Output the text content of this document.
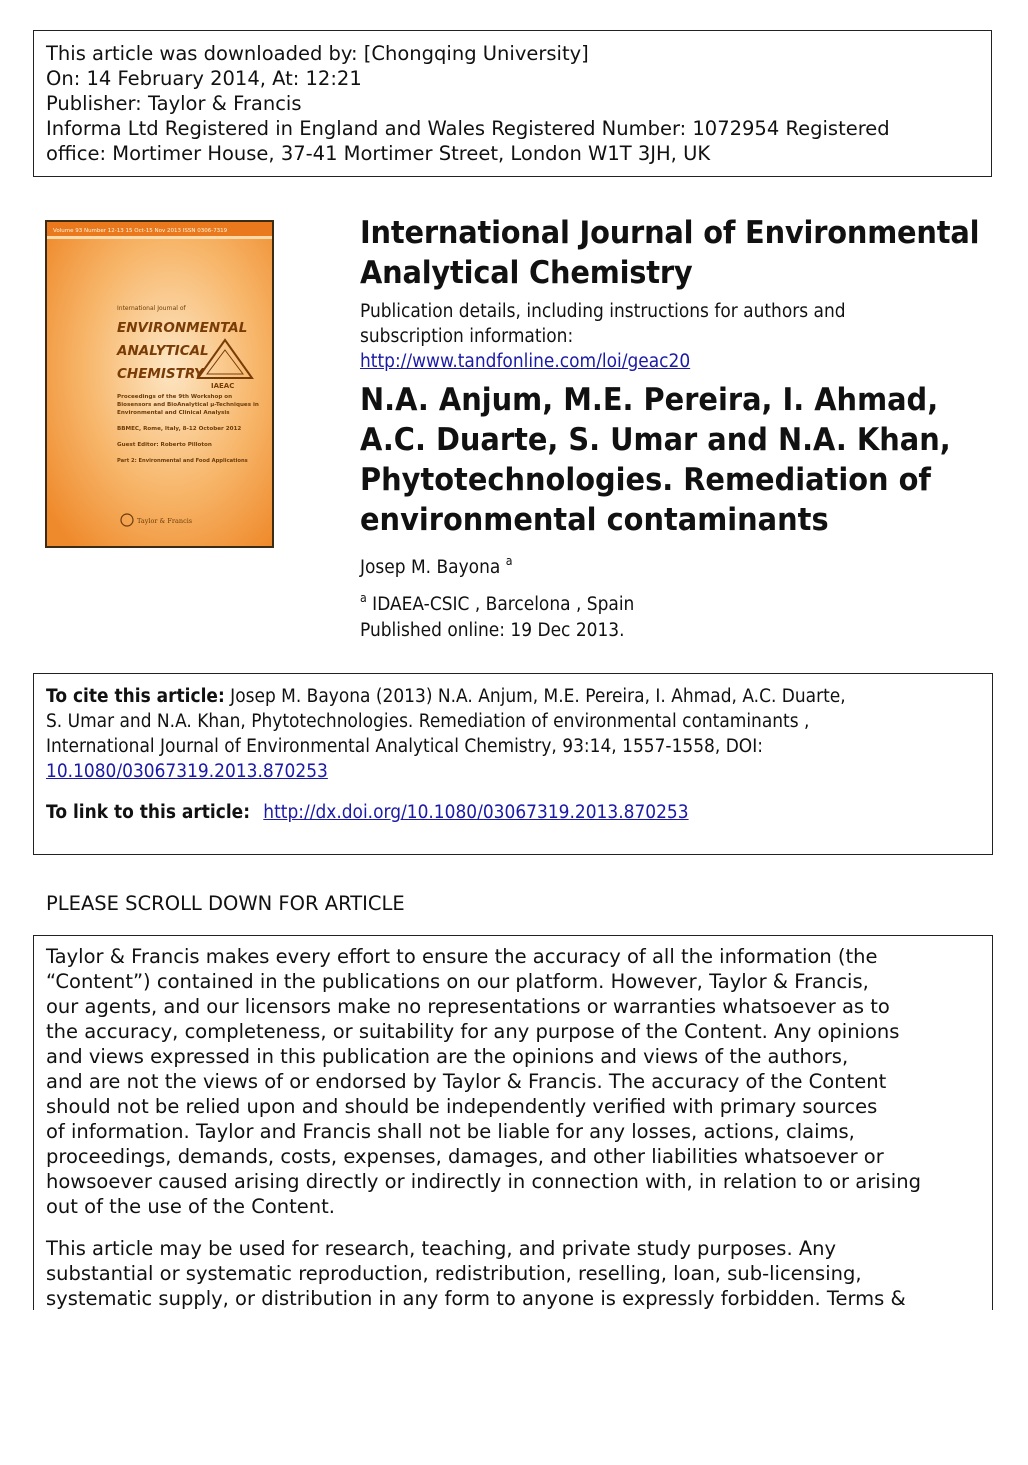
This article was downloaded by: [Chongqing University]
On: 14 February 2014, At: 12:21
Publisher: Taylor & Francis
Informa Ltd Registered in England and Wales Registered Number: 1072954 Registered
office: Mortimer House, 37-41 Mortimer Street, London W1T 3JH, UK
Volume 93 Number 12-13 15 Oct-15 Nov 2013 ISSN 0306-7319
International Journal of
ENVIRONMENTAL
ANALYTICAL
CHEMISTRY
IAEAC
Proceedings of the 9th Workshop on
Biosensors and BioAnalytical µ-Techniques in
Environmental and Clinical Analysis
BBMEC, Rome, Italy, 8-12 October 2012
Guest Editor: Roberto Pilloton
Part 2: Environmental and Food Applications
Taylor & Francis
International Journal of Environmental
Analytical Chemistry
Publication details, including instructions for authors and
subscription information:
http://www.tandfonline.com/loi/geac20
N.A. Anjum, M.E. Pereira, I. Ahmad,
A.C. Duarte, S. Umar and N.A. Khan,
Phytotechnologies. Remediation of
environmental contaminants
Josep M. Bayona $^a$
$^a$ IDAEA-CSIC , Barcelona , Spain
Published online: 19 Dec 2013.
To cite this article: Josep M. Bayona (2013) N.A. Anjum, M.E. Pereira, I. Ahmad, A.C. Duarte,
S. Umar and N.A. Khan, Phytotechnologies. Remediation of environmental contaminants ,
International Journal of Environmental Analytical Chemistry, 93:14, 1557-1558, DOI:
10.1080/03067319.2013.870253
To link to this article: http://dx.doi.org/10.1080/03067319.2013.870253
PLEASE SCROLL DOWN FOR ARTICLE
Taylor & Francis makes every effort to ensure the accuracy of all the information (the
“Content”) contained in the publications on our platform. However, Taylor & Francis,
our agents, and our licensors make no representations or warranties whatsoever as to
the accuracy, completeness, or suitability for any purpose of the Content. Any opinions
and views expressed in this publication are the opinions and views of the authors,
and are not the views of or endorsed by Taylor & Francis. The accuracy of the Content
should not be relied upon and should be independently verified with primary sources
of information. Taylor and Francis shall not be liable for any losses, actions, claims,
proceedings, demands, costs, expenses, damages, and other liabilities whatsoever or
howsoever caused arising directly or indirectly in connection with, in relation to or arising
out of the use of the Content.
This article may be used for research, teaching, and private study purposes. Any
substantial or systematic reproduction, redistribution, reselling, loan, sub-licensing,
systematic supply, or distribution in any form to anyone is expressly forbidden. Terms &
